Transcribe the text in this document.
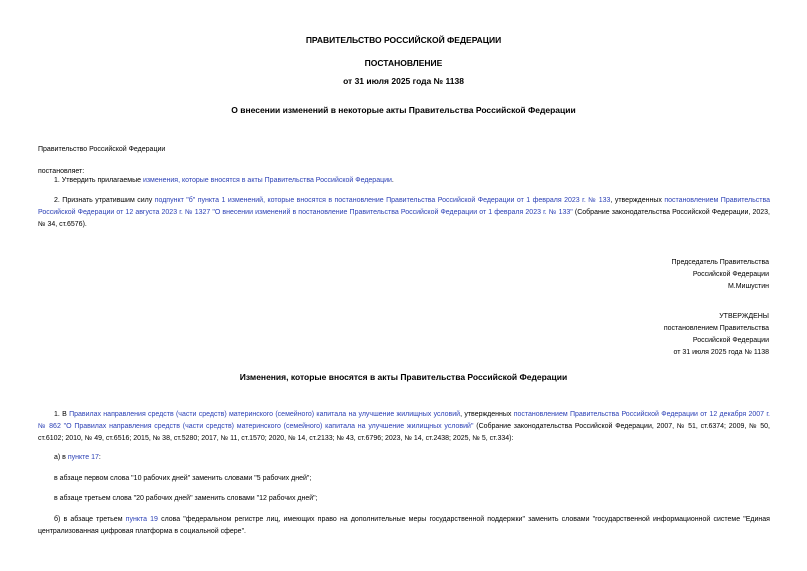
ПРАВИТЕЛЬСТВО РОССИЙСКОЙ ФЕДЕРАЦИИ
ПОСТАНОВЛЕНИЕ
от 31 июля 2025 года № 1138
О внесении изменений в некоторые акты Правительства Российской Федерации
Правительство Российской Федерации
постановляет:
1. Утвердить прилагаемые изменения, которые вносятся в акты Правительства Российской Федерации.
2. Признать утратившим силу подпункт "б" пункта 1 изменений, которые вносятся в постановление Правительства Российской Федерации от 1 февраля 2023 г. № 133, утвержденных постановлением Правительства Российской Федерации от 12 августа 2023 г. № 1327 "О внесении изменений в постановление Правительства Российской Федерации от 1 февраля 2023 г. № 133" (Собрание законодательства Российской Федерации, 2023, № 34, ст.6576).
Председатель Правительства
Российской Федерации
М.Мишустин
УТВЕРЖДЕНЫ
постановлением Правительства
Российской Федерации
от 31 июля 2025 года № 1138
Изменения, которые вносятся в акты Правительства Российской Федерации
1. В Правилах направления средств (части средств) материнского (семейного) капитала на улучшение жилищных условий, утвержденных постановлением Правительства Российской Федерации от 12 декабря 2007 г. № 862 "О Правилах направления средств (части средств) материнского (семейного) капитала на улучшение жилищных условий" (Собрание законодательства Российской Федерации, 2007, № 51, ст.6374; 2009, № 50, ст.6102; 2010, № 49, ст.6516; 2015, № 38, ст.5280; 2017, № 11, ст.1570; 2020, № 14, ст.2133; № 43, ст.6796; 2023, № 14, ст.2438; 2025, № 5, ст.334):
а) в пункте 17:
в абзаце первом слова "10 рабочих дней" заменить словами "5 рабочих дней";
в абзаце третьем слова "20 рабочих дней" заменить словами "12 рабочих дней";
б) в абзаце третьем пункта 19 слова "федеральном регистре лиц, имеющих право на дополнительные меры государственной поддержки" заменить словами "государственной информационной системе "Единая централизованная цифровая платформа в социальной сфере".
